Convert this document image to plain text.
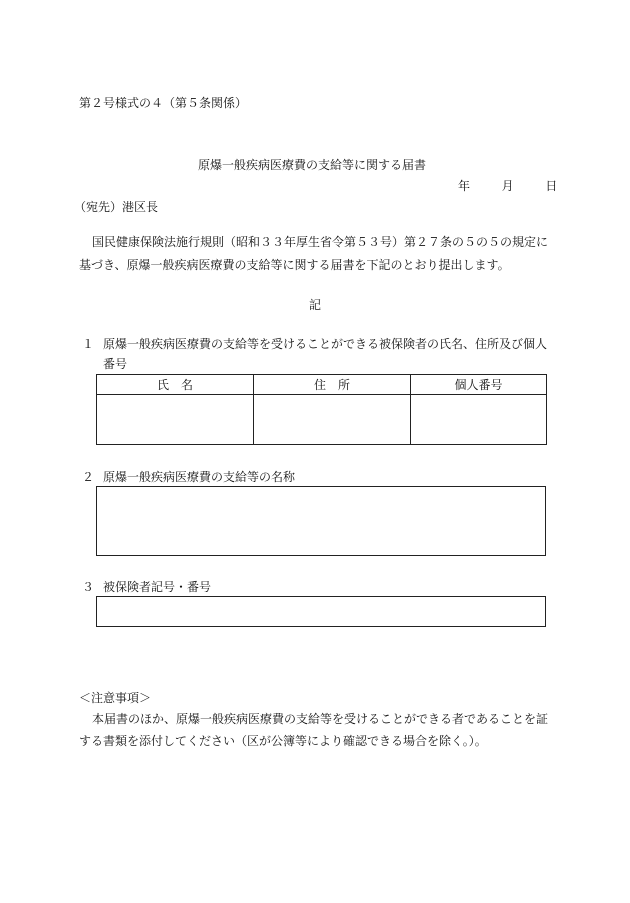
第２号様式の４（第５条関係）
原爆一般疾病医療費の支給等に関する届書
年	月	日
（宛先）港区長
国民健康保険法施行規則（昭和３３年厚生省令第５３号）第２７条の５の５の規定に
基づき、原爆一般疾病医療費の支給等に関する届書を下記のとおり提出します。
記
１ 原爆一般疾病医療費の支給等を受けることができる被保険者の氏名、住所及び個人
番号
氏　名	住　所	個人番号

２ 原爆一般疾病医療費の支給等の名称
３ 被保険者記号・番号
＜注意事項＞
本届書のほか、原爆一般疾病医療費の支給等を受けることができる者であることを証
する書類を添付してください（区が公簿等により確認できる場合を除く。）。
